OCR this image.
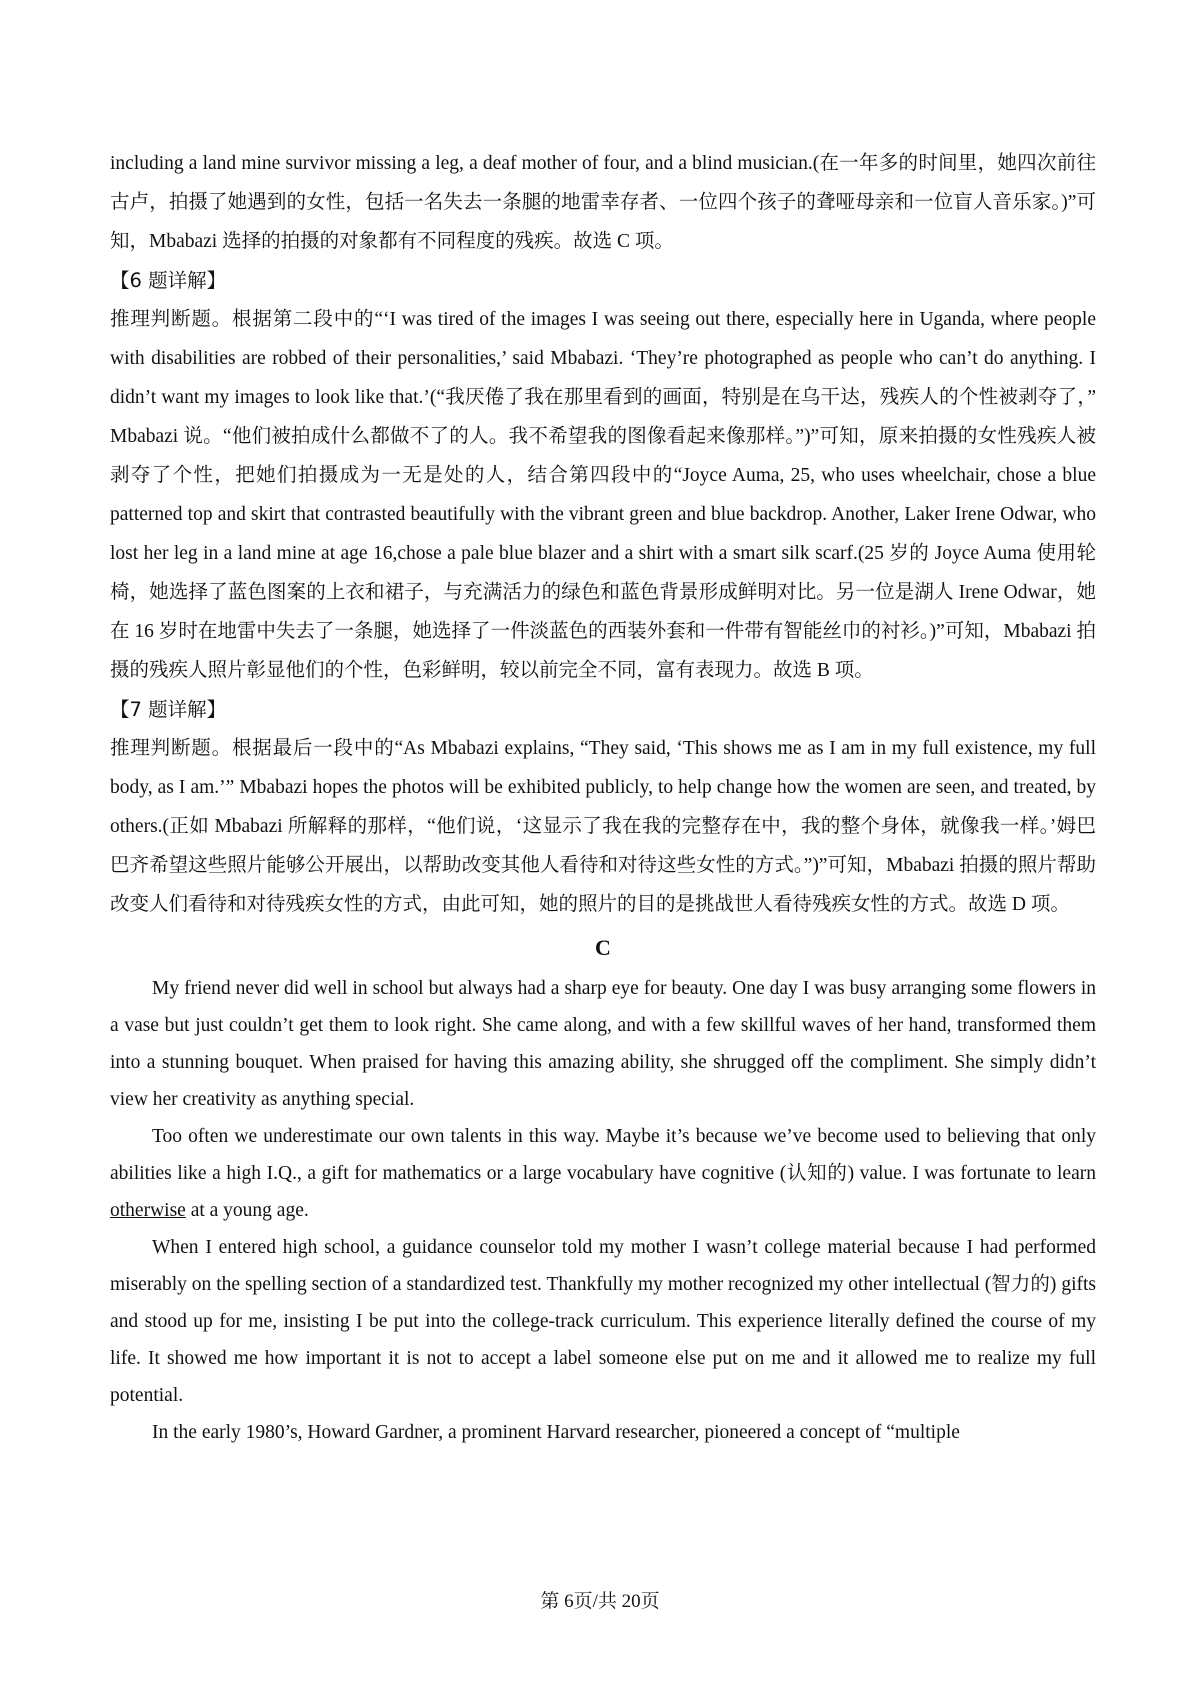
including a land mine survivor missing a leg, a deaf mother of four, and a blind musician.(在一年多的时间里，她四次前往古卢，拍摄了她遇到的女性，包括一名失去一条腿的地雷幸存者、一位四个孩子的聋哑母亲和一位盲人音乐家。)”可知，Mbabazi 选择的拍摄的对象都有不同程度的残疾。故选 C 项。

【6 题详解】

推理判断题。根据第二段中的“‘I was tired of the images I was seeing out there, especially here in Uganda, where people with disabilities are robbed of their personalities,’ said Mbabazi. ‘They’re photographed as people who can’t do anything. I didn’t want my images to look like that.’(“我厌倦了我在那里看到的画面，特别是在乌干达，残疾人的个性被剥夺了，” Mbabazi 说。“他们被拍成什么都做不了的人。我不希望我的图像看起来像那样。”)”可知，原来拍摄的女性残疾人被剥夺了个性，把她们拍摄成为一无是处的人，结合第四段中的“Joyce Auma, 25, who uses wheelchair, chose a blue patterned top and skirt that contrasted beautifully with the vibrant green and blue backdrop. Another, Laker Irene Odwar, who lost her leg in a land mine at age 16,chose a pale blue blazer and a shirt with a smart silk scarf.(25 岁的 Joyce Auma 使用轮椅，她选择了蓝色图案的上衣和裙子，与充满活力的绿色和蓝色背景形成鲜明对比。另一位是湖人 Irene Odwar，她在 16 岁时在地雷中失去了一条腿，她选择了一件淡蓝色的西装外套和一件带有智能丝巾的衬衫。)”可知，Mbabazi 拍摄的残疾人照片彰显他们的个性，色彩鲜明，较以前完全不同，富有表现力。故选 B 项。

【7 题详解】

推理判断题。根据最后一段中的“As Mbabazi explains, “They said, ‘This shows me as I am in my full existence, my full body, as I am.’” Mbabazi hopes the photos will be exhibited publicly, to help change how the women are seen, and treated, by others.(正如 Mbabazi 所解释的那样，“他们说，‘这显示了我在我的完整存在中，我的整个身体，就像我一样。’姆巴巴齐希望这些照片能够公开展出，以帮助改变其他人看待和对待这些女性的方式。”)”可知，Mbabazi 拍摄的照片帮助改变人们看待和对待残疾女性的方式，由此可知，她的照片的目的是挑战世人看待残疾女性的方式。故选 D 项。

C

My friend never did well in school but always had a sharp eye for beauty. One day I was busy arranging some flowers in a vase but just couldn’t get them to look right. She came along, and with a few skillful waves of her hand, transformed them into a stunning bouquet. When praised for having this amazing ability, she shrugged off the compliment. She simply didn’t view her creativity as anything special.

Too often we underestimate our own talents in this way. Maybe it’s because we’ve become used to believing that only abilities like a high I.Q., a gift for mathematics or a large vocabulary have cognitive (认知的) value. I was fortunate to learn otherwise at a young age.

When I entered high school, a guidance counselor told my mother I wasn’t college material because I had performed miserably on the spelling section of a standardized test. Thankfully my mother recognized my other intellectual (智力的) gifts and stood up for me, insisting I be put into the college-track curriculum. This experience literally defined the course of my life. It showed me how important it is not to accept a label someone else put on me and it allowed me to realize my full potential.

In the early 1980’s, Howard Gardner, a prominent Harvard researcher, pioneered a concept of “multiple

第 6页/共 20页
